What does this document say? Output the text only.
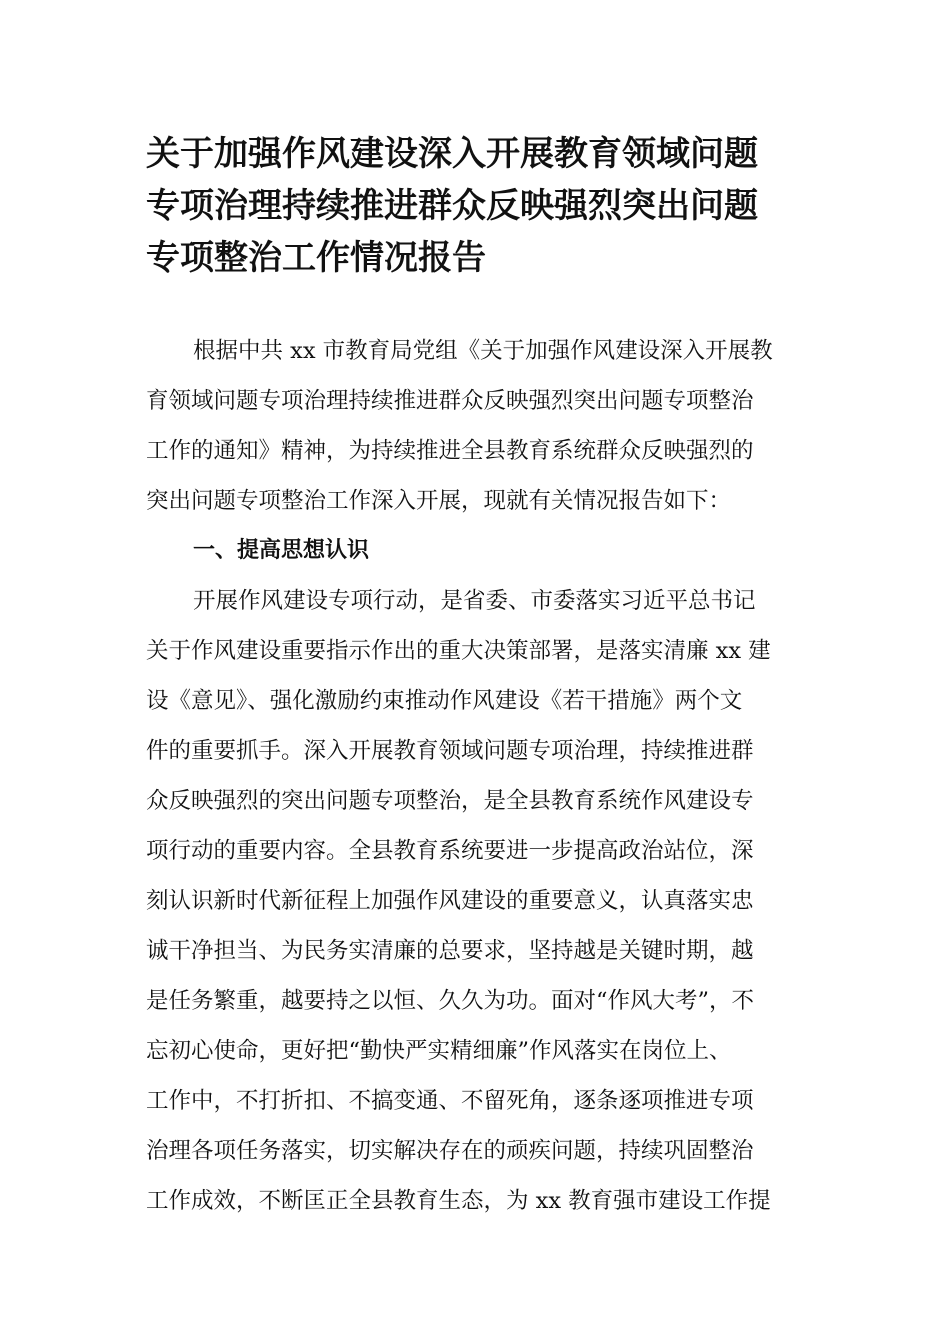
关于加强作风建设深入开展教育领域问题
专项治理持续推进群众反映强烈突出问题
专项整治工作情况报告

根据中共 xx 市教育局党组《关于加强作风建设深入开展教

育领域问题专项治理持续推进群众反映强烈突出问题专项整治

工作的通知》精神，为持续推进全县教育系统群众反映强烈的

突出问题专项整治工作深入开展，现就有关情况报告如下：

一、提高思想认识

开展作风建设专项行动，是省委、市委落实习近平总书记

关于作风建设重要指示作出的重大决策部署，是落实清廉 xx 建

设《意见》、强化激励约束推动作风建设《若干措施》两个文

件的重要抓手。深入开展教育领域问题专项治理，持续推进群

众反映强烈的突出问题专项整治，是全县教育系统作风建设专

项行动的重要内容。全县教育系统要进一步提高政治站位，深

刻认识新时代新征程上加强作风建设的重要意义，认真落实忠

诚干净担当、为民务实清廉的总要求，坚持越是关键时期，越

是任务繁重，越要持之以恒、久久为功。面对“作风大考”，不

忘初心使命，更好把“勤快严实精细廉”作风落实在岗位上、

工作中，不打折扣、不搞变通、不留死角，逐条逐项推进专项

治理各项任务落实，切实解决存在的顽疾问题，持续巩固整治

工作成效，不断匡正全县教育生态，为 xx 教育强市建设工作提
